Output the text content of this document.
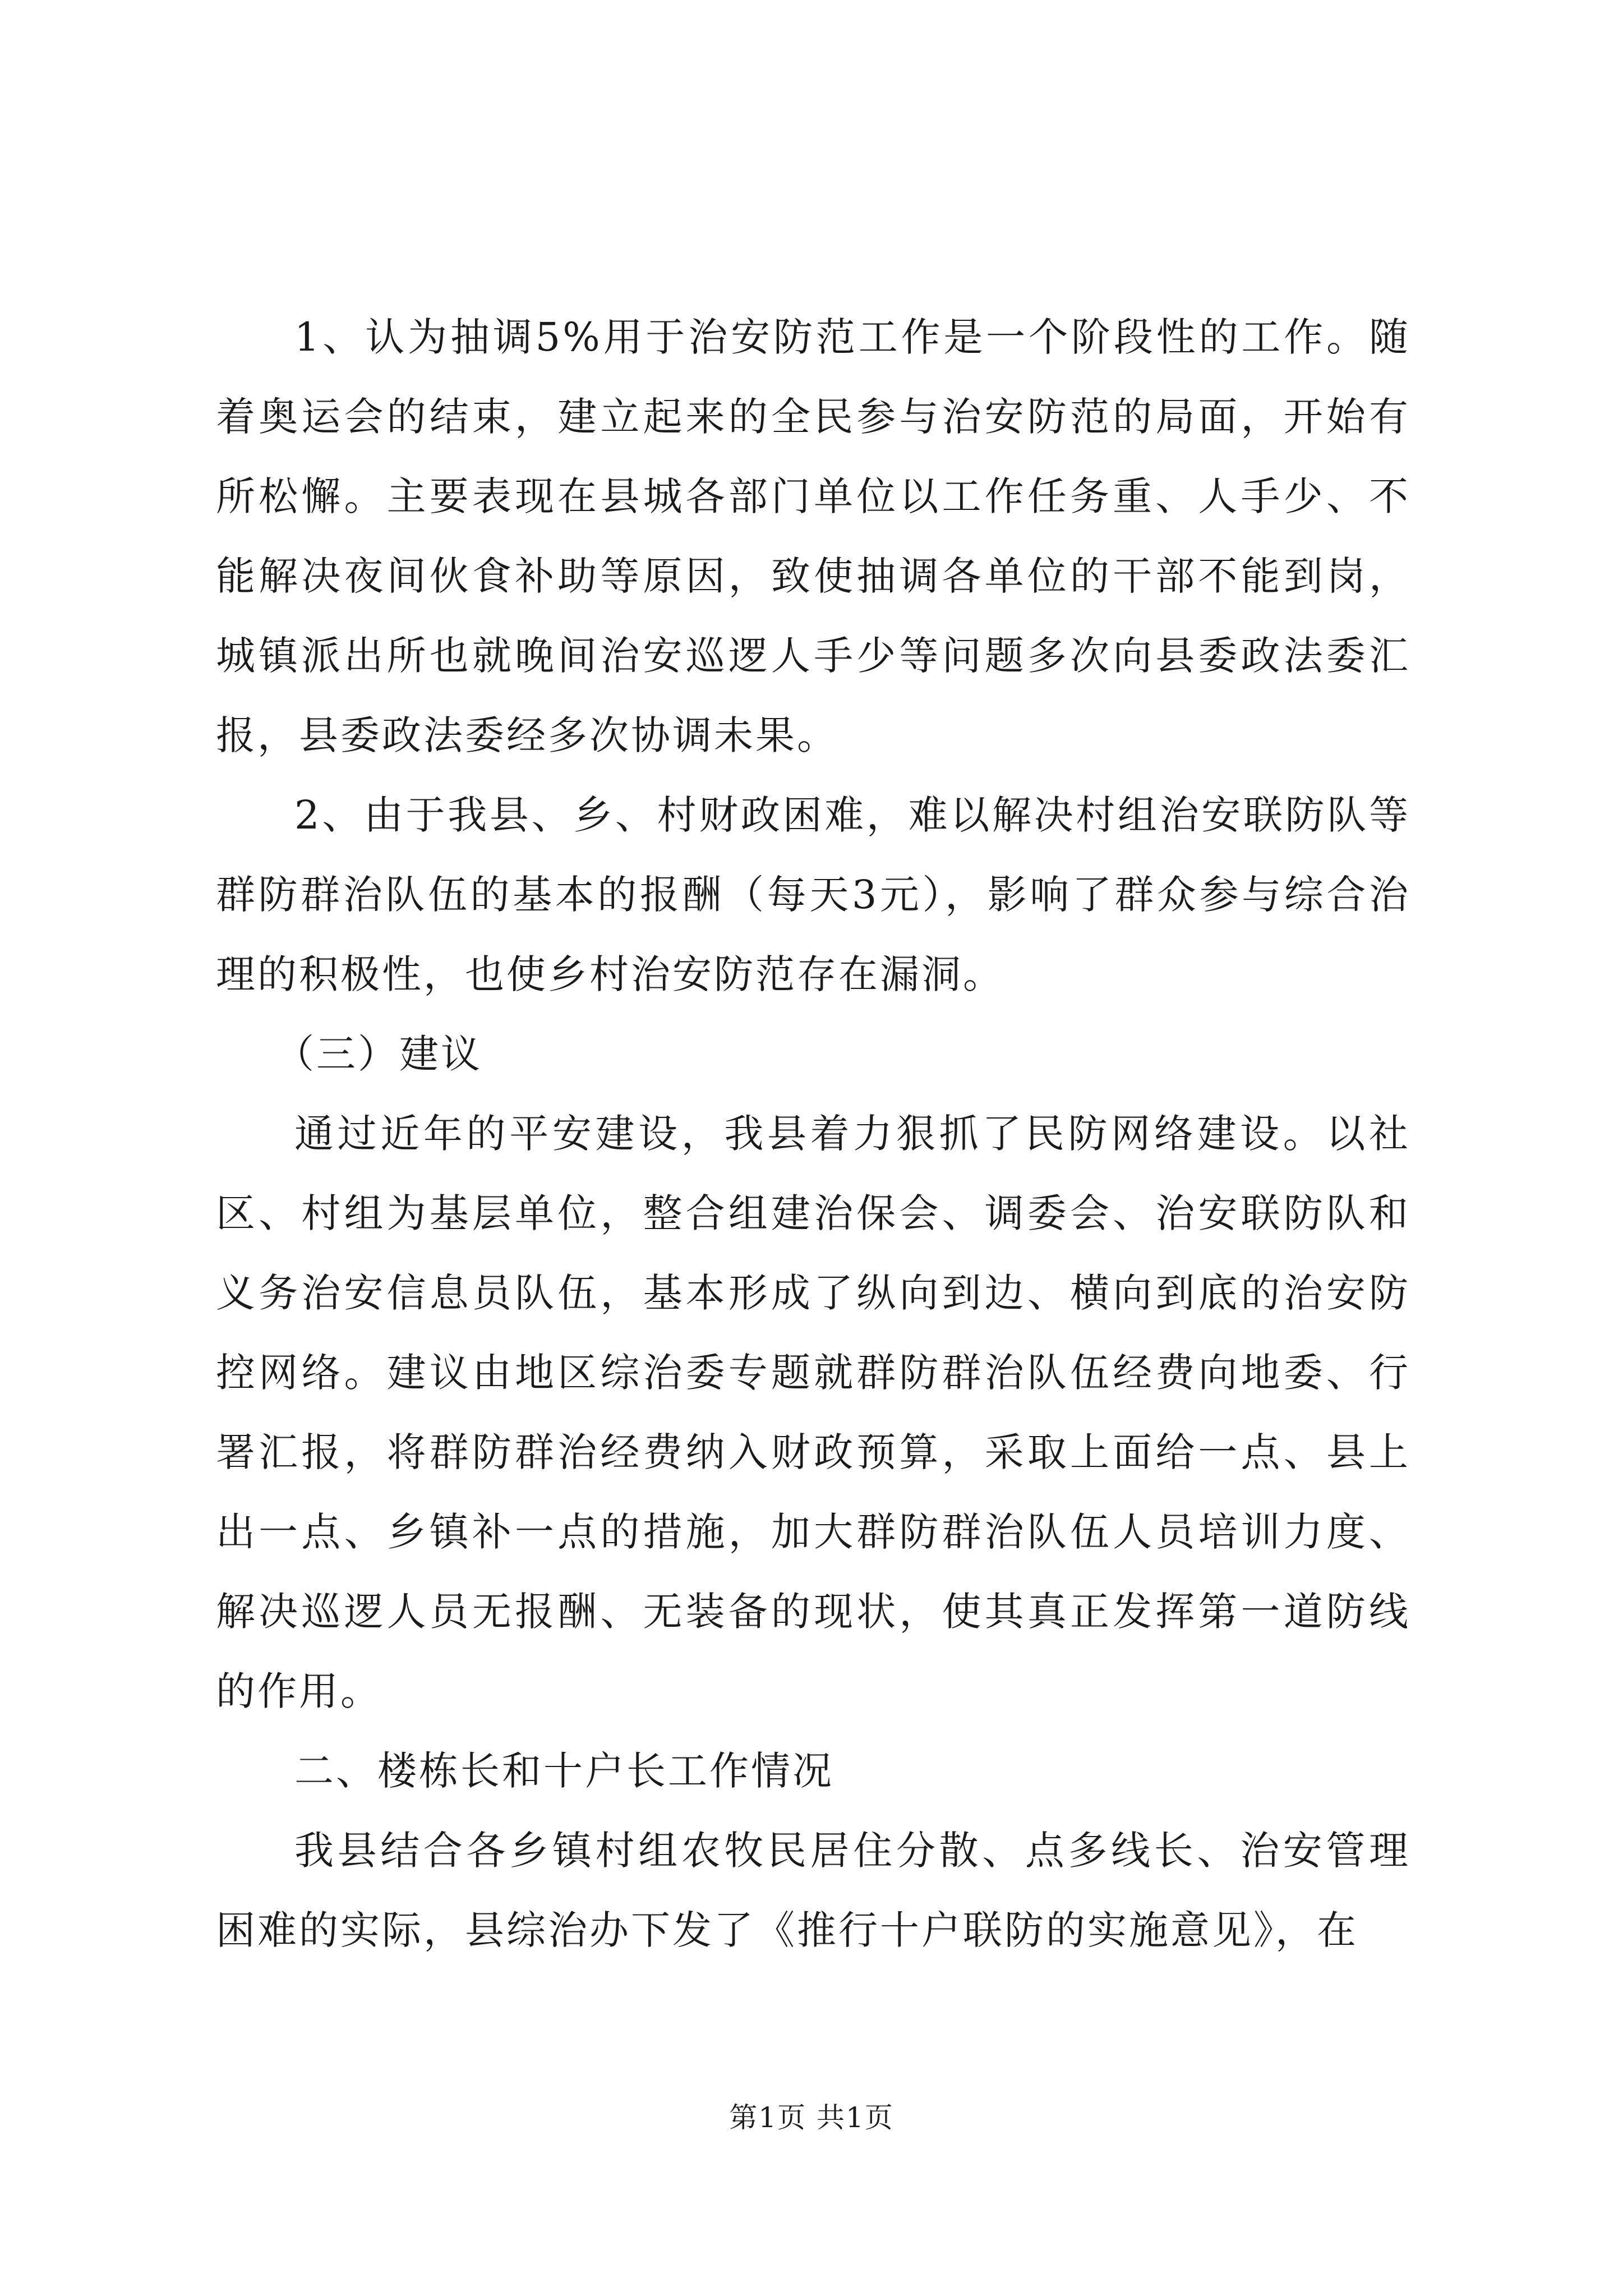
1、认为抽调5%用于治安防范工作是一个阶段性的工作。随着奥运会的结束，建立起来的全民参与治安防范的局面，开始有所松懈。主要表现在县城各部门单位以工作任务重、人手少、不能解决夜间伙食补助等原因，致使抽调各单位的干部不能到岗，城镇派出所也就晚间治安巡逻人手少等问题多次向县委政法委汇报，县委政法委经多次协调未果。

2、由于我县、乡、村财政困难，难以解决村组治安联防队等群防群治队伍的基本的报酬（每天3元），影响了群众参与综合治理的积极性，也使乡村治安防范存在漏洞。

（三）建议

通过近年的平安建设，我县着力狠抓了民防网络建设。以社区、村组为基层单位，整合组建治保会、调委会、治安联防队和义务治安信息员队伍，基本形成了纵向到边、横向到底的治安防控网络。建议由地区综治委专题就群防群治队伍经费向地委、行署汇报，将群防群治经费纳入财政预算，采取上面给一点、县上出一点、乡镇补一点的措施，加大群防群治队伍人员培训力度、解决巡逻人员无报酬、无装备的现状，使其真正发挥第一道防线的作用。

二、楼栋长和十户长工作情况

我县结合各乡镇村组农牧民居住分散、点多线长、治安管理困难的实际，县综治办下发了《推行十户联防的实施意见》，在

第1页 共1页
